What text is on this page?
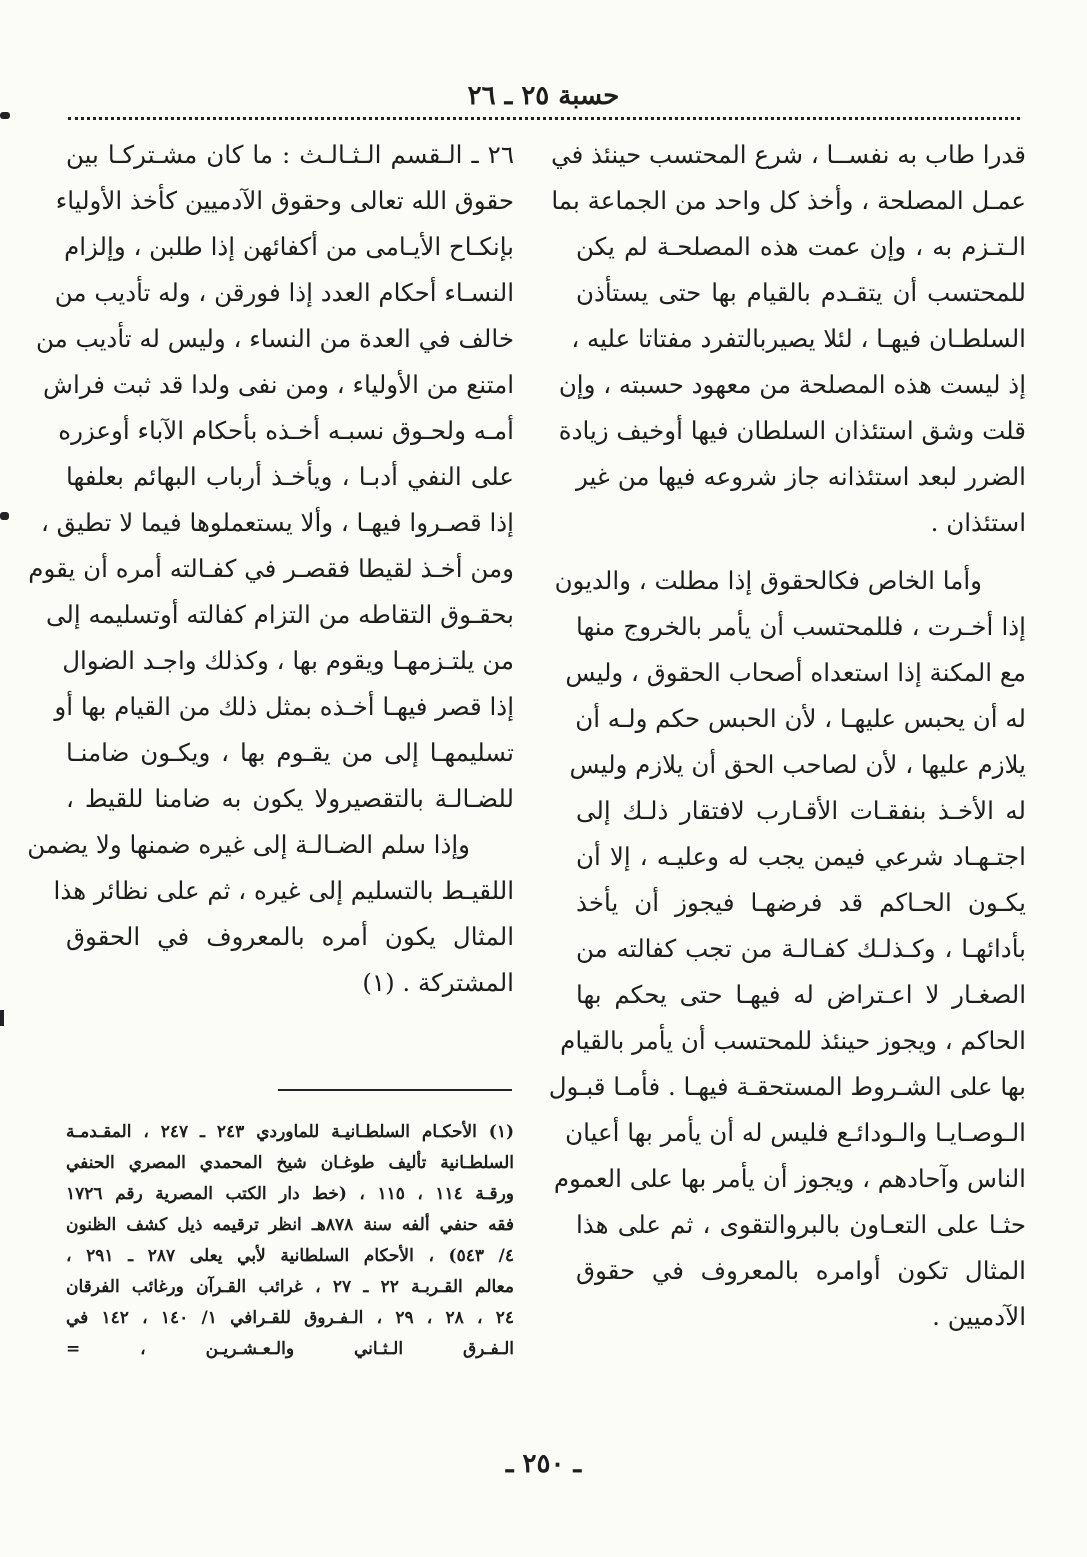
حسبة ٢٥ ـ ٢٦
قدرا طاب به نفســا ، شرع المحتسب حينئذ في
عمـل المصلحة ، وأخذ كل واحد من الجماعة بما
الـتـزم به ، وإن عمت هذه المصلحـة لم يكن
للمحتسب أن يتقـدم بالقيام بها حتى يستأذن
السلطـان فيهـا ، لئلا يصيربالتفرد مفتاتا عليه ،
إذ ليست هذه المصلحة من معهود حسبته ، وإن
قلت وشق استئذان السلطان فيها أوخيف زيادة
الضرر لبعد استئذانه جاز شروعه فيها من غير
استئذان .
وأما الخاص فكالحقوق إذا مطلت ، والديون
إذا أخـرت ، فللمحتسب أن يأمر بالخروج منها
مع المكنة إذا استعداه أصحاب الحقوق ، وليس
له أن يحبس عليهـا ، لأن الحبس حكم ولـه أن
يلازم عليها ، لأن لصاحب الحق أن يلازم وليس
له الأخـذ بنفقـات الأقـارب لافتقار ذلـك إلى
اجتـهـاد شرعي فيمن يجب له وعليـه ، إلا أن
يكـون الحـاكم قد فرضهـا فيجوز أن يأخذ
بأدائهـا ، وكـذلـك كفـالـة من تجب كفالته من
الصغـار لا اعـتراض له فيهـا حتى يحكم بها
الحاكم ، ويجوز حينئذ للمحتسب أن يأمر بالقيام
بها على الشـروط المستحقـة فيهـا . فأمـا قبـول
الـوصـايـا والـودائـع فليس له أن يأمر بها أعيان
الناس وآحادهم ، ويجوز أن يأمر بها على العموم
حثـا على التعـاون بالبروالتقوى ، ثم على هذا
المثال تكون أوامره بالمعروف في حقوق
الآدميين .
٢٦ ـ الـقسم الـثـالـث : ما كان مشـتركـا بين
حقوق الله تعالى وحقوق الآدميين كأخذ الأولياء
بإنكـاح الأيـامى من أكفائهن إذا طلبن ، وإلزام
النسـاء أحكام العدد إذا فورقن ، وله تأديب من
خالف في العدة من النساء ، وليس له تأديب من
امتنع من الأولياء ، ومن نفى ولدا قد ثبت فراش
أمـه ولحـوق نسبـه أخـذه بأحكام الآباء أوعزره
على النفي أدبـا ، ويأخـذ أرباب البهائم بعلفها
إذا قصـروا فيهـا ، وألا يستعملوها فيما لا تطيق ،
ومن أخـذ لقيطا فقصـر في كفـالته أمره أن يقوم
بحقـوق التقاطه من التزام كفالته أوتسليمه إلى
من يلتـزمهـا ويقوم بها ، وكذلك واجـد الضوال
إذا قصر فيهـا أخـذه بمثل ذلك من القيام بها أو
تسليمهـا إلى من يقـوم بها ، ويكـون ضامنـا
للضـالـة بالتقصيرولا يكون به ضامنا للقيط ،
وإذا سلم الضـالـة إلى غيره ضمنها ولا يضمن
اللقيـط بالتسليم إلى غيره ، ثم على نظائر هذا
المثال يكون أمره بالمعروف في الحقوق
المشتركة . (١)
(١) الأحكـام السلطـانيـة للماوردي ٢٤٣ ـ ٢٤٧ ، المقـدمـة
السلطـانية تأليف طوغـان شيخ المحمدي المصري الحنفي
ورقـة ١١٤ ، ١١٥ ، (خط دار الكتب المصرية رقم ١٧٢٦
فقه حنفي ألفه سنة ٨٧٨هـ انظر ترقيمه ذيل كشف الظنون
٤/ ٥٤٣) ، الأحكام السلطانية لأبي يعلى ٢٨٧ ـ ٢٩١ ،
معالم القـربـة ٢٢ ـ ٢٧ ، غرائب القـرآن ورغائب الفرقان
٢٤ ، ٢٨ ، ٢٩ ، الـفـروق للقـرافي ١/ ١٤٠ ، ١٤٢ في
الـفـرق الـثـاني والـعـشـريـن ، =
ـ ٢٥٠ ـ
